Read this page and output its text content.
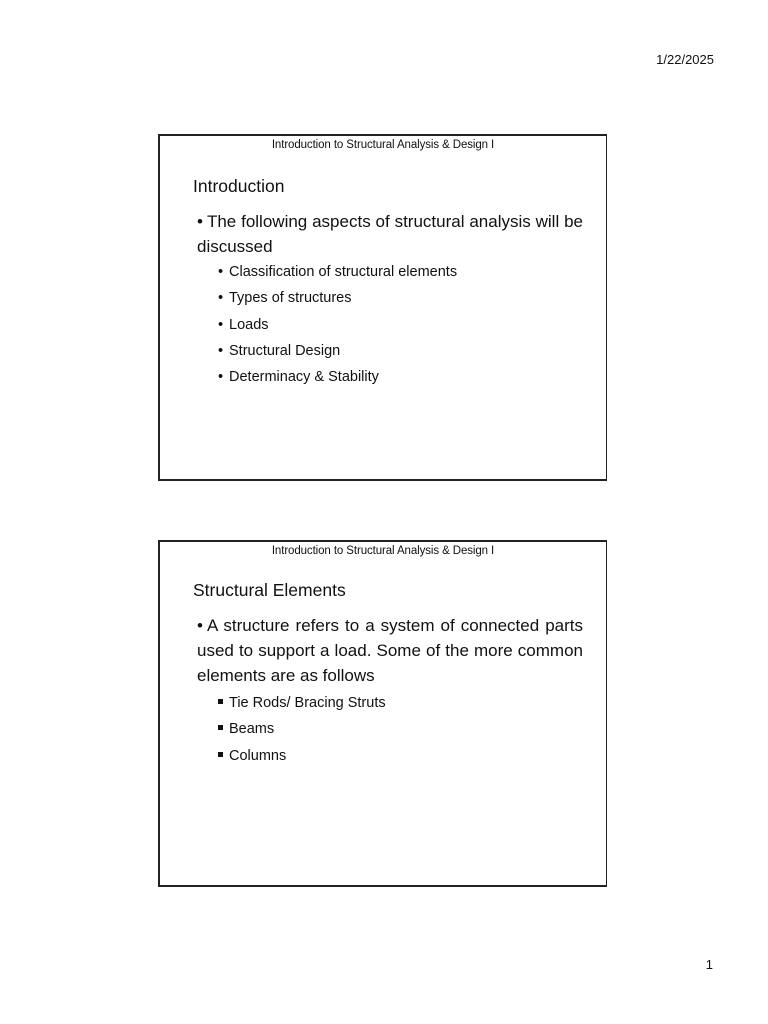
1/22/2025
Introduction to Structural Analysis & Design I
Introduction
• The following aspects of structural analysis will be discussed
• Classification of structural elements
• Types of structures
• Loads
• Structural Design
• Determinacy & Stability
Introduction to Structural Analysis & Design I
Structural Elements
• A structure refers to a system of connected parts used to support a load. Some of the more common elements are as follows
Tie Rods/ Bracing Struts
Beams
Columns
1
